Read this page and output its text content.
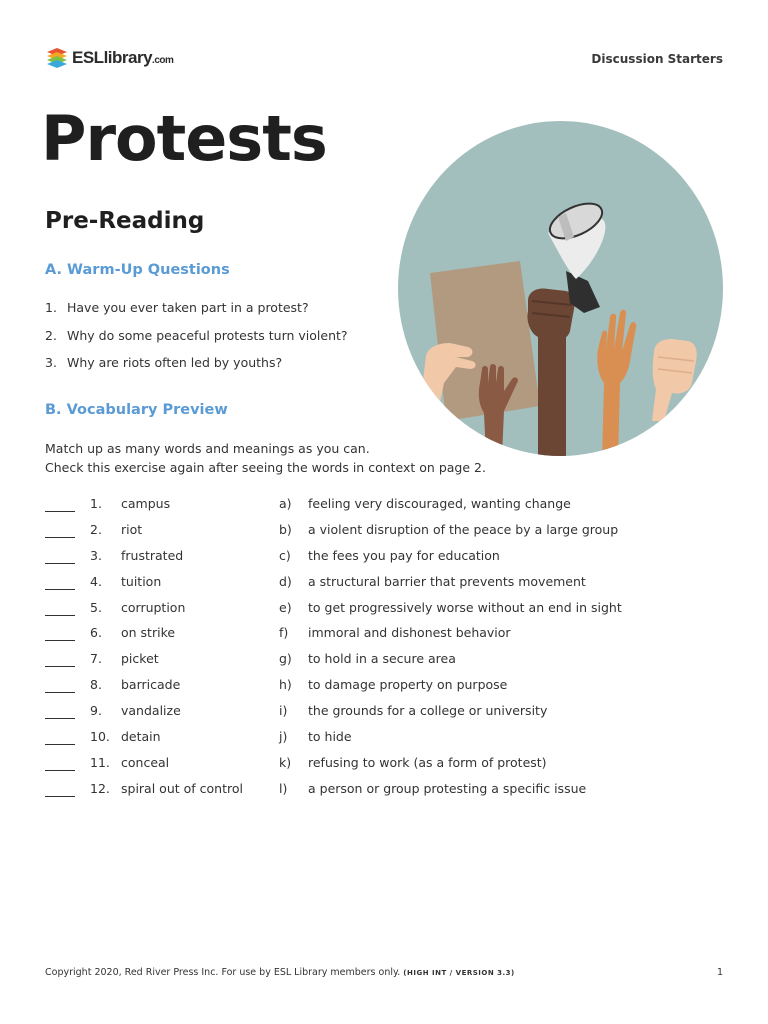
ESLlibrary.com	Discussion Starters
Protests
Pre-Reading
A. Warm-Up Questions
1. Have you ever taken part in a protest?
2. Why do some peaceful protests turn violent?
3. Why are riots often led by youths?
B. Vocabulary Preview
Match up as many words and meanings as you can.
Check this exercise again after seeing the words in context on page 2.
1. campus	a) feeling very discouraged, wanting change
2. riot	b) a violent disruption of the peace by a large group
3. frustrated	c) the fees you pay for education
4. tuition	d) a structural barrier that prevents movement
5. corruption	e) to get progressively worse without an end in sight
6. on strike	f) immoral and dishonest behavior
7. picket	g) to hold in a secure area
8. barricade	h) to damage property on purpose
9. vandalize	i) the grounds for a college or university
10. detain	j) to hide
11. conceal	k) refusing to work (as a form of protest)
12. spiral out of control	l) a person or group protesting a specific issue
Copyright 2020, Red River Press Inc. For use by ESL Library members only. (HIGH INT / VERSION 3.3)	1
